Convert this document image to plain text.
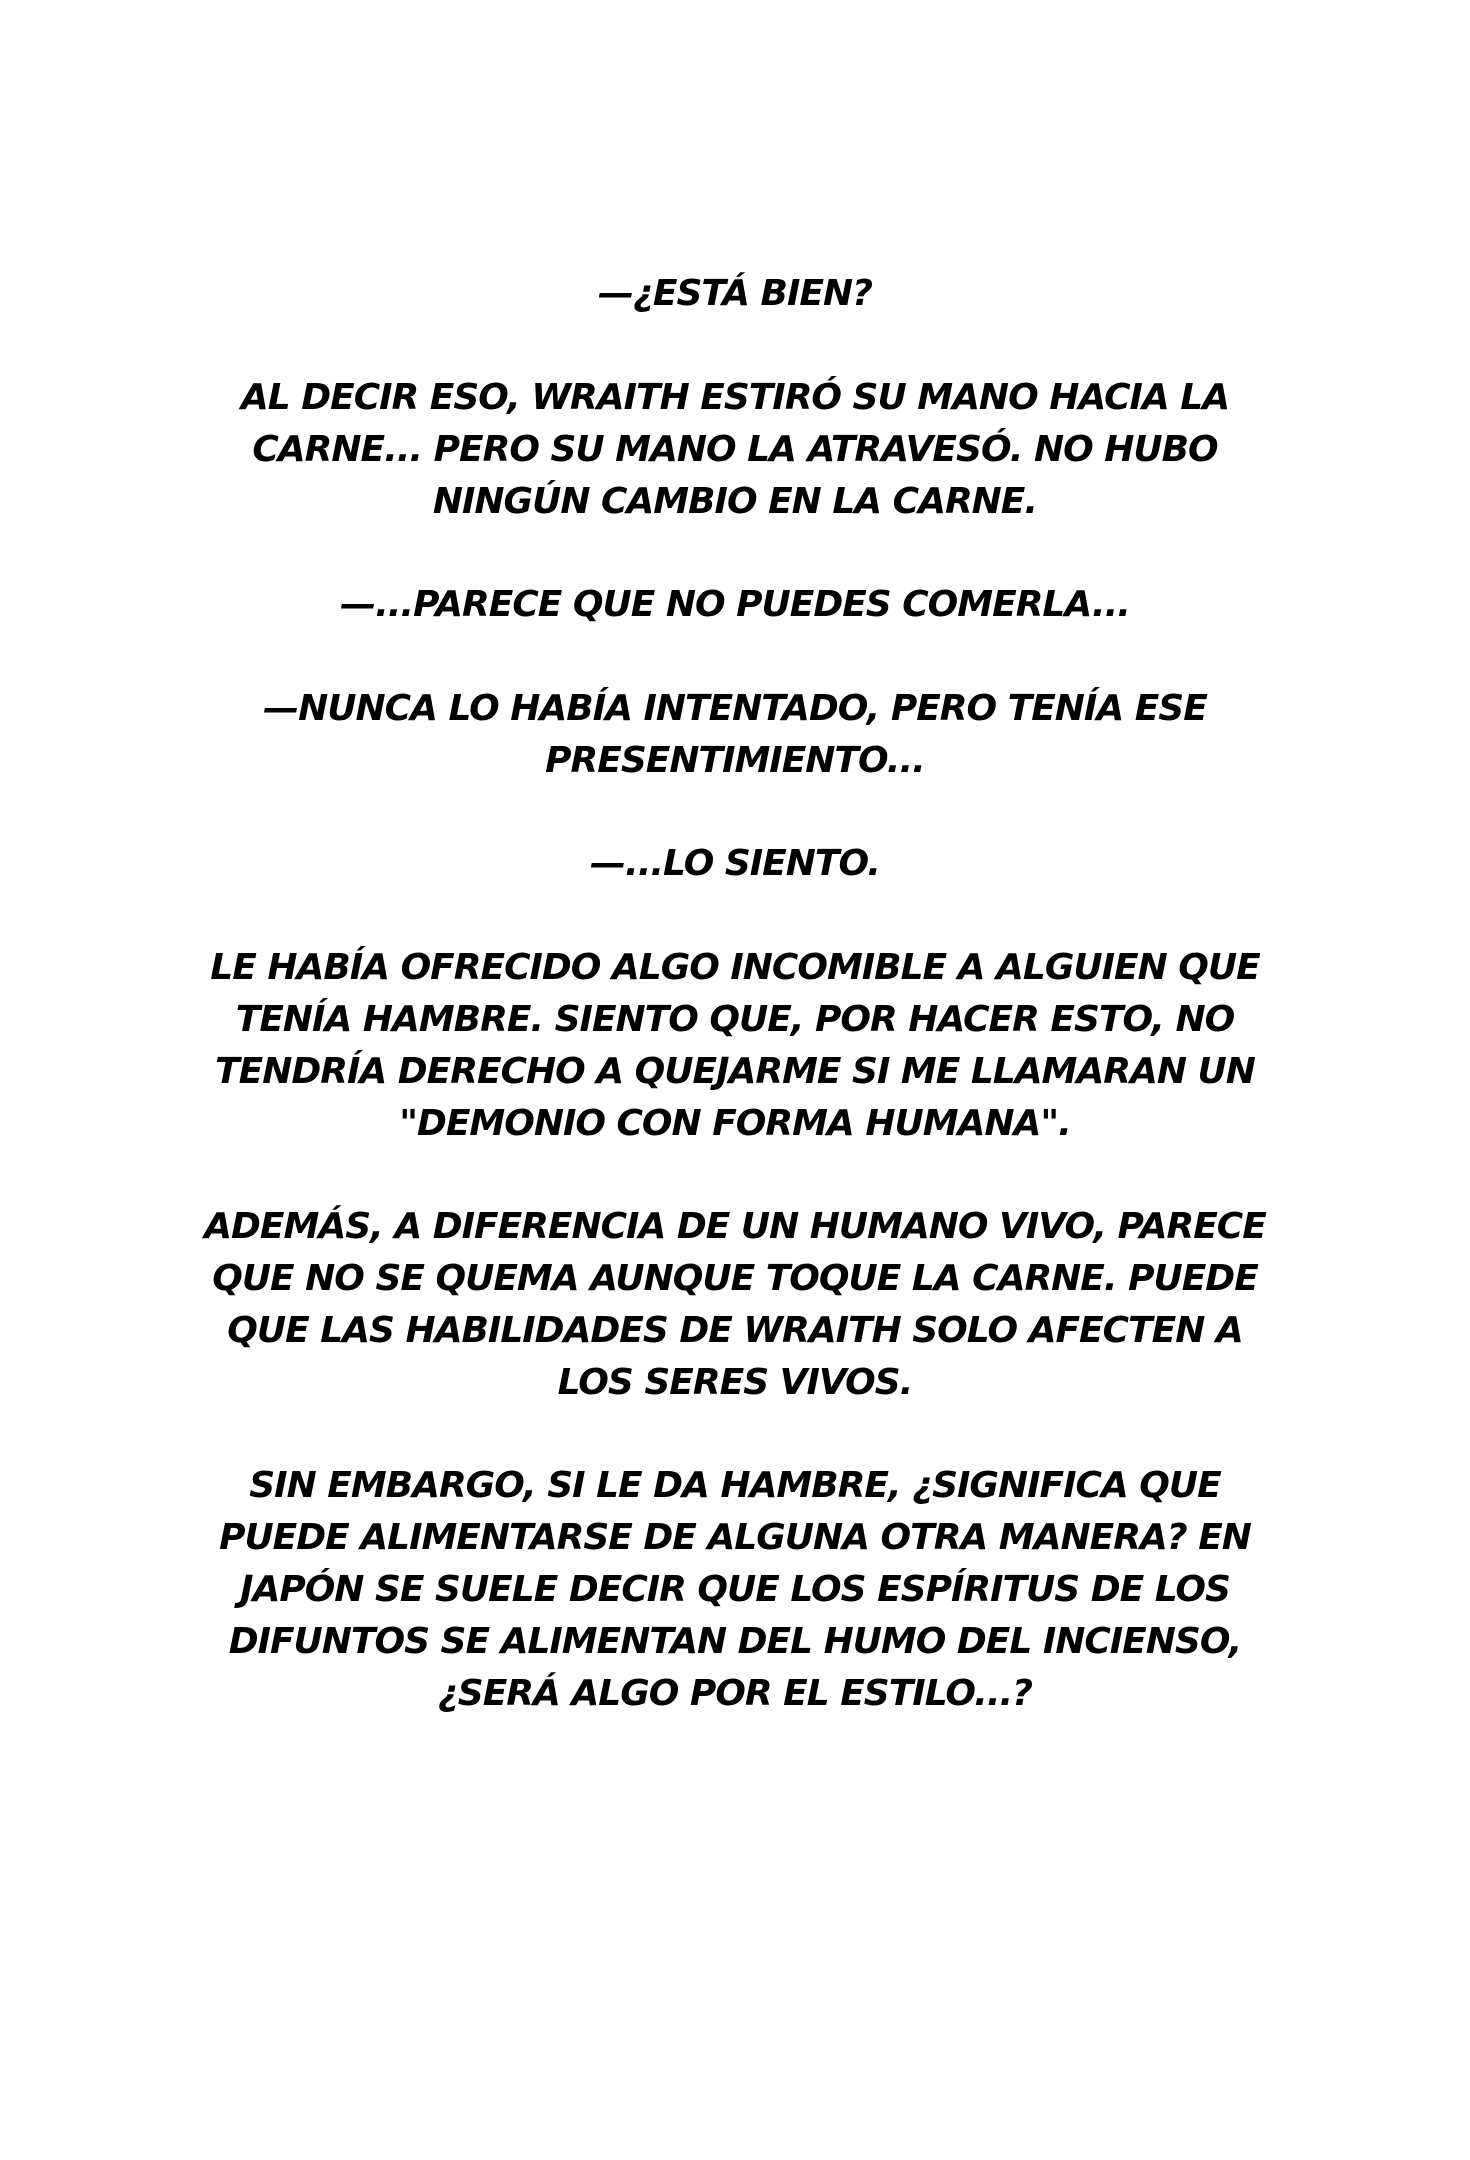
—¿ESTÁ BIEN?
AL DECIR ESO, WRAITH ESTIRÓ SU MANO HACIA LA
CARNE... PERO SU MANO LA ATRAVESÓ. NO HUBO
NINGÚN CAMBIO EN LA CARNE.
—...PARECE QUE NO PUEDES COMERLA...
—NUNCA LO HABÍA INTENTADO, PERO TENÍA ESE
PRESENTIMIENTO...
—...LO SIENTO.
LE HABÍA OFRECIDO ALGO INCOMIBLE A ALGUIEN QUE
TENÍA HAMBRE. SIENTO QUE, POR HACER ESTO, NO
TENDRÍA DERECHO A QUEJARME SI ME LLAMARAN UN
"DEMONIO CON FORMA HUMANA".
ADEMÁS, A DIFERENCIA DE UN HUMANO VIVO, PARECE
QUE NO SE QUEMA AUNQUE TOQUE LA CARNE. PUEDE
QUE LAS HABILIDADES DE WRAITH SOLO AFECTEN A
LOS SERES VIVOS.
SIN EMBARGO, SI LE DA HAMBRE, ¿SIGNIFICA QUE
PUEDE ALIMENTARSE DE ALGUNA OTRA MANERA? EN
JAPÓN SE SUELE DECIR QUE LOS ESPÍRITUS DE LOS
DIFUNTOS SE ALIMENTAN DEL HUMO DEL INCIENSO,
¿SERÁ ALGO POR EL ESTILO...?
